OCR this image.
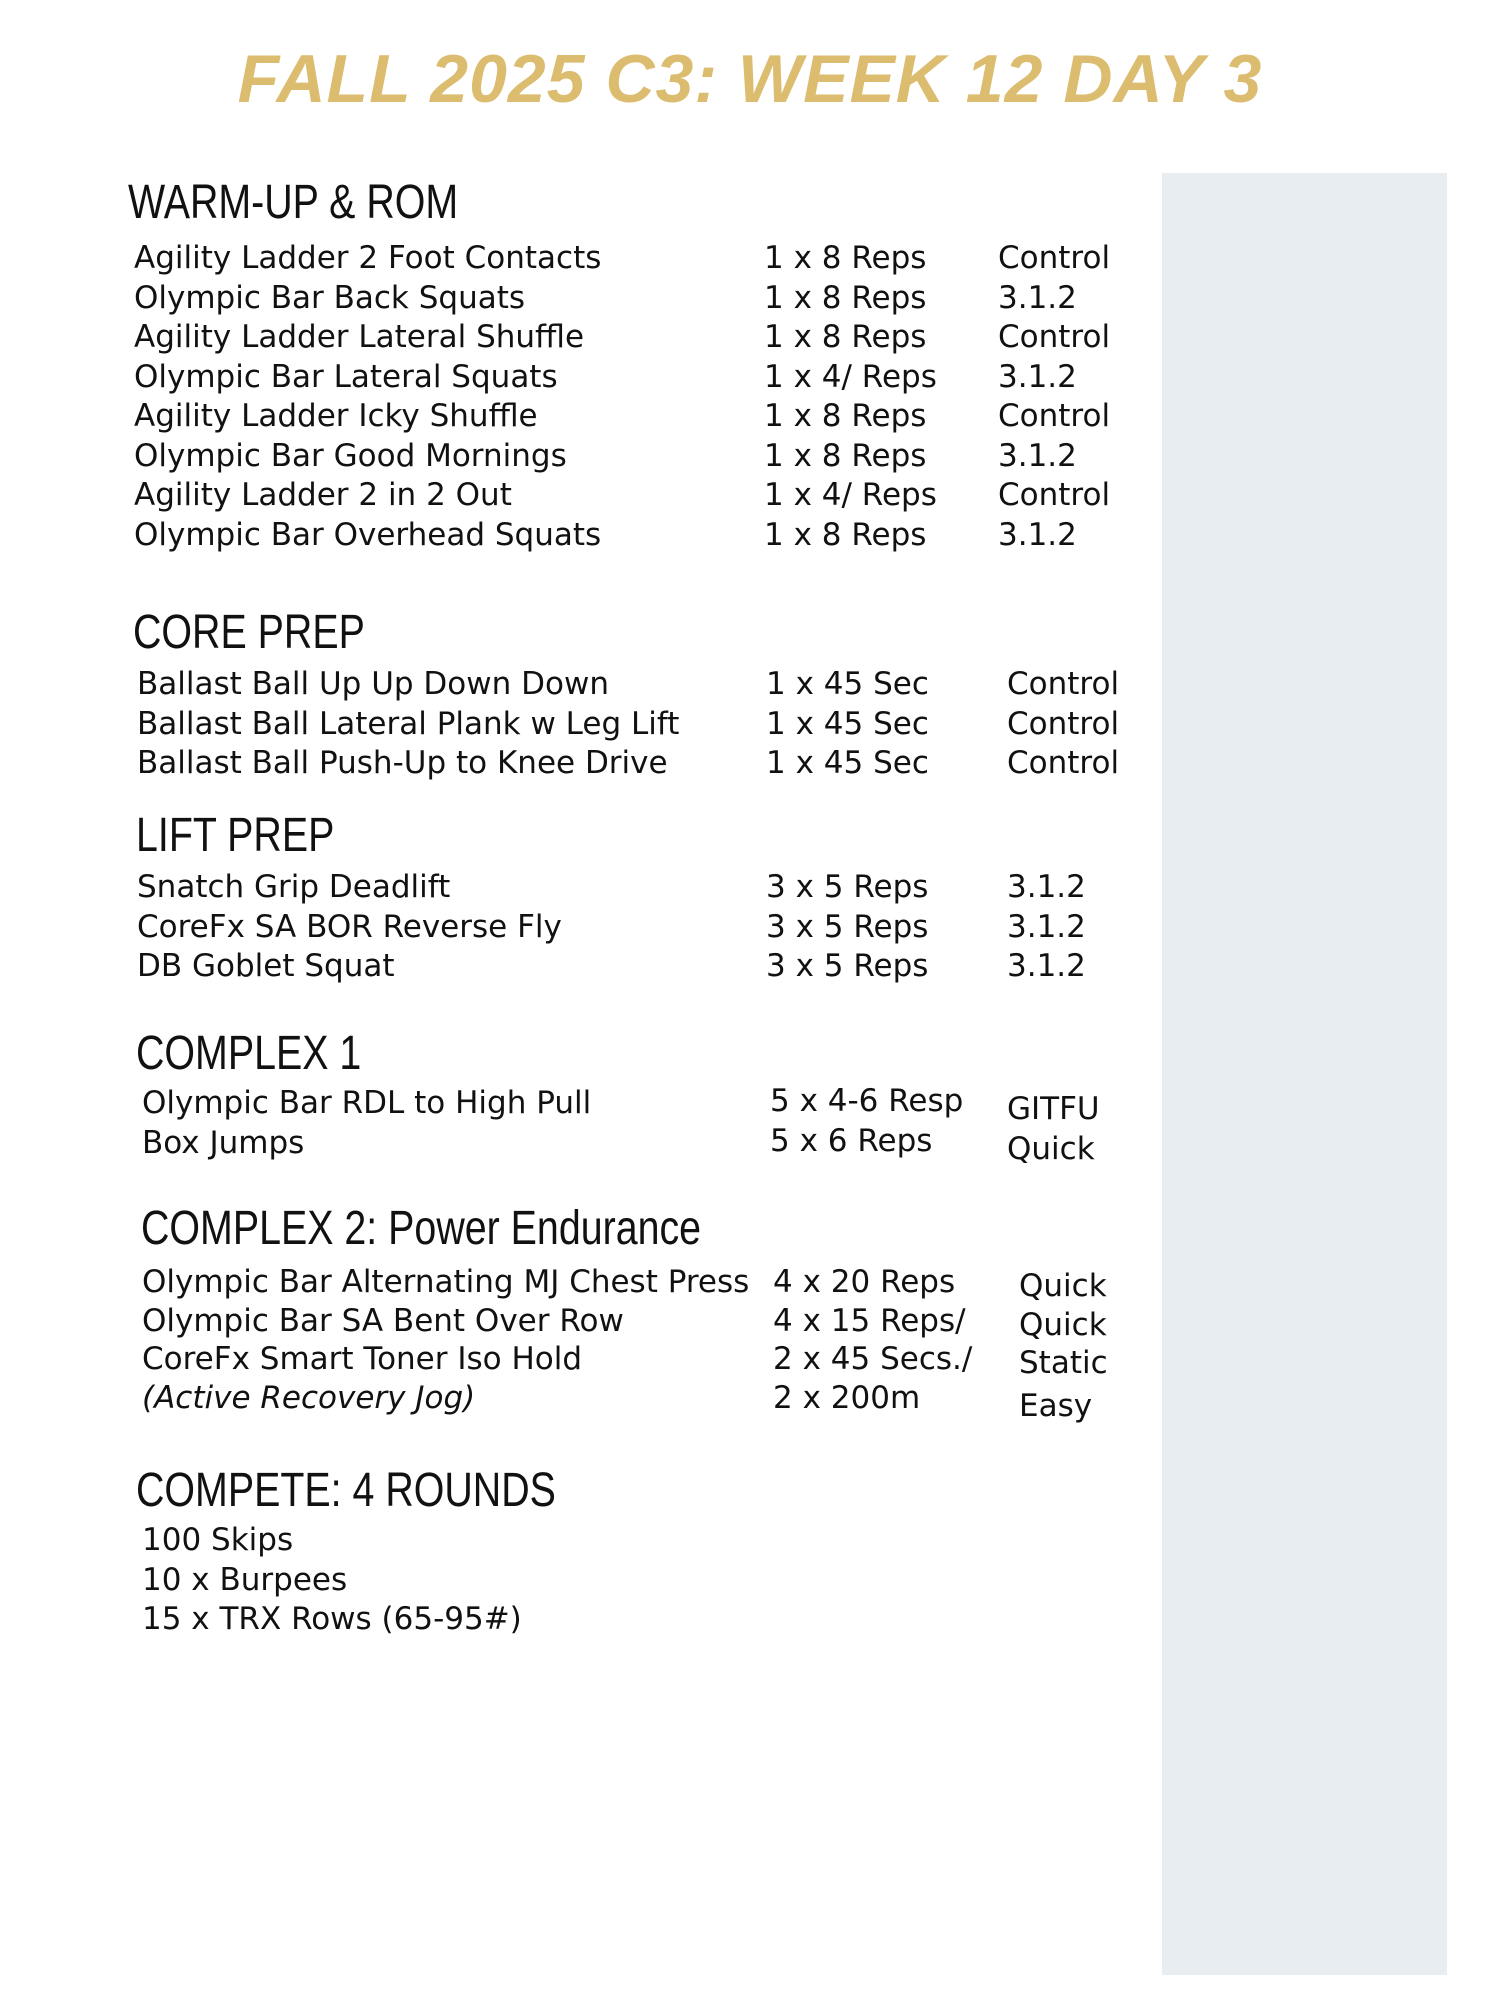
FALL 2025 C3: WEEK 12 DAY 3
WARM-UP & ROM
Agility Ladder 2 Foot Contacts	1 x 8 Reps Control
Olympic Bar Back Squats	1 x 8 Reps 3.1.2
Agility Ladder Lateral Shuffle	1 x 8 Reps Control
Olympic Bar Lateral Squats	1 x 4/ Reps 3.1.2
Agility Ladder Icky Shuffle	1 x 8 Reps Control
Olympic Bar Good Mornings	1 x 8 Reps 3.1.2
Agility Ladder 2 in 2 Out	1 x 4/ Reps Control
Olympic Bar Overhead Squats	1 x 8 Reps 3.1.2
CORE PREP
Ballast Ball Up Up Down Down	1 x 45 Sec	Control
Ballast Ball Lateral Plank w Leg Lift	1 x 45 Sec	Control
Ballast Ball Push-Up to Knee Drive	1 x 45 Sec	Control
LIFT PREP
Snatch Grip Deadlift	3 x 5 Reps	3.1.2
CoreFx SA BOR Reverse Fly	3 x 5 Reps	3.1.2
DB Goblet Squat	3 x 5 Reps	3.1.2
COMPLEX 1
Olympic Bar RDL to High Pull	5 x 4-6 Resp GITFU
Box Jumps	5 x 6 Reps Quick
COMPLEX 2: Power Endurance
Olympic Bar Alternating MJ Chest Press 4 x 20 Reps Quick
Olympic Bar SA Bent Over Row	4 x 15 Reps/ Quick
CoreFx Smart Toner Iso Hold	2 x 45 Secs./ Static
(Active Recovery Jog)	2 x 200m	Easy
COMPETE: 4 ROUNDS
100 Skips
10 x Burpees
15 x TRX Rows (65-95#)
